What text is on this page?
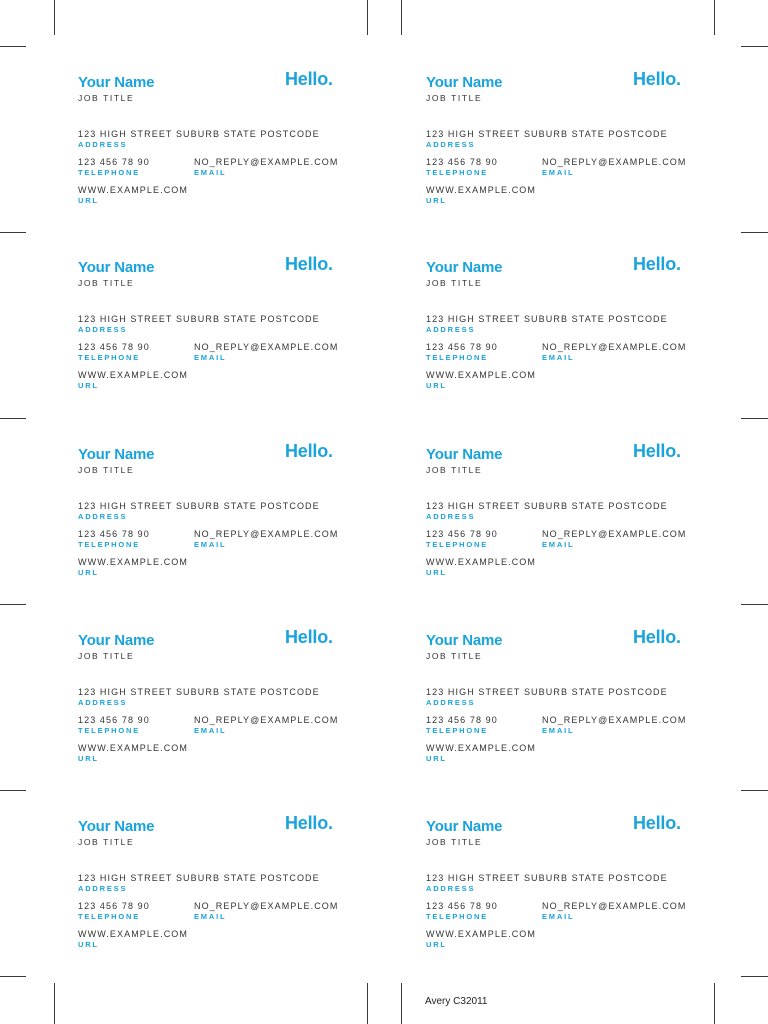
Your Name	Hello.
JOB TITLE
123 HIGH STREET SUBURB STATE POSTCODE
ADDRESS
123 456 78 90
TELEPHONE
NO_REPLY@EXAMPLE.COM
EMAIL
WWW.EXAMPLE.COM
URL
Your Name	Hello.
JOB TITLE
123 HIGH STREET SUBURB STATE POSTCODE
ADDRESS
123 456 78 90
TELEPHONE
NO_REPLY@EXAMPLE.COM
EMAIL
WWW.EXAMPLE.COM
URL
Your Name	Hello.
JOB TITLE
123 HIGH STREET SUBURB STATE POSTCODE
ADDRESS
123 456 78 90
TELEPHONE
NO_REPLY@EXAMPLE.COM
EMAIL
WWW.EXAMPLE.COM
URL
Your Name	Hello.
JOB TITLE
123 HIGH STREET SUBURB STATE POSTCODE
ADDRESS
123 456 78 90
TELEPHONE
NO_REPLY@EXAMPLE.COM
EMAIL
WWW.EXAMPLE.COM
URL
Your Name	Hello.
JOB TITLE
123 HIGH STREET SUBURB STATE POSTCODE
ADDRESS
123 456 78 90
TELEPHONE
NO_REPLY@EXAMPLE.COM
EMAIL
WWW.EXAMPLE.COM
URL
Your Name	Hello.
JOB TITLE
123 HIGH STREET SUBURB STATE POSTCODE
ADDRESS
123 456 78 90
TELEPHONE
NO_REPLY@EXAMPLE.COM
EMAIL
WWW.EXAMPLE.COM
URL
Your Name	Hello.
JOB TITLE
123 HIGH STREET SUBURB STATE POSTCODE
ADDRESS
123 456 78 90
TELEPHONE
NO_REPLY@EXAMPLE.COM
EMAIL
WWW.EXAMPLE.COM
URL
Your Name	Hello.
JOB TITLE
123 HIGH STREET SUBURB STATE POSTCODE
ADDRESS
123 456 78 90
TELEPHONE
NO_REPLY@EXAMPLE.COM
EMAIL
WWW.EXAMPLE.COM
URL
Your Name	Hello.
JOB TITLE
123 HIGH STREET SUBURB STATE POSTCODE
ADDRESS
123 456 78 90
TELEPHONE
NO_REPLY@EXAMPLE.COM
EMAIL
WWW.EXAMPLE.COM
URL
Your Name	Hello.
JOB TITLE
123 HIGH STREET SUBURB STATE POSTCODE
ADDRESS
123 456 78 90
TELEPHONE
NO_REPLY@EXAMPLE.COM
EMAIL
WWW.EXAMPLE.COM
URL
Avery C32011
